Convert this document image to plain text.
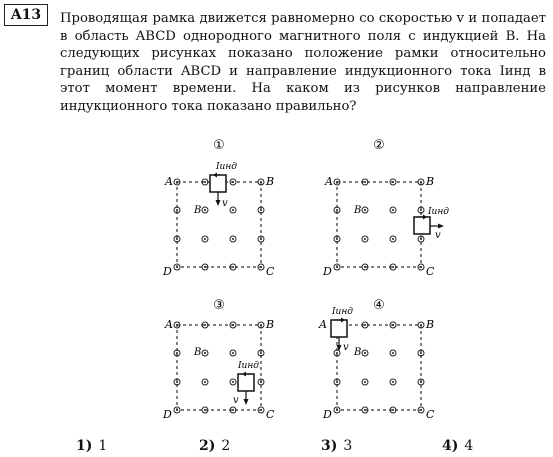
A13	Проводящая рамка движется равномерно со скоростью v и попадает в область ABCD однородного магнитного поля с индукцией B. На следующих рисунках показано положение рамки относительно границ области ABCD и направление индукционного тока Iинд в этот момент времени. На каком из рисунков направление индукционного тока показано правильно?
①
A	B
C
D
Iинд
v
B
②
A	B
C
D
Iинд
v
B
③
A	B
C
D
Iинд
v
B
④
A	B
C
D
Iинд
v B
1) 1	2) 2	3) 3	4) 4
